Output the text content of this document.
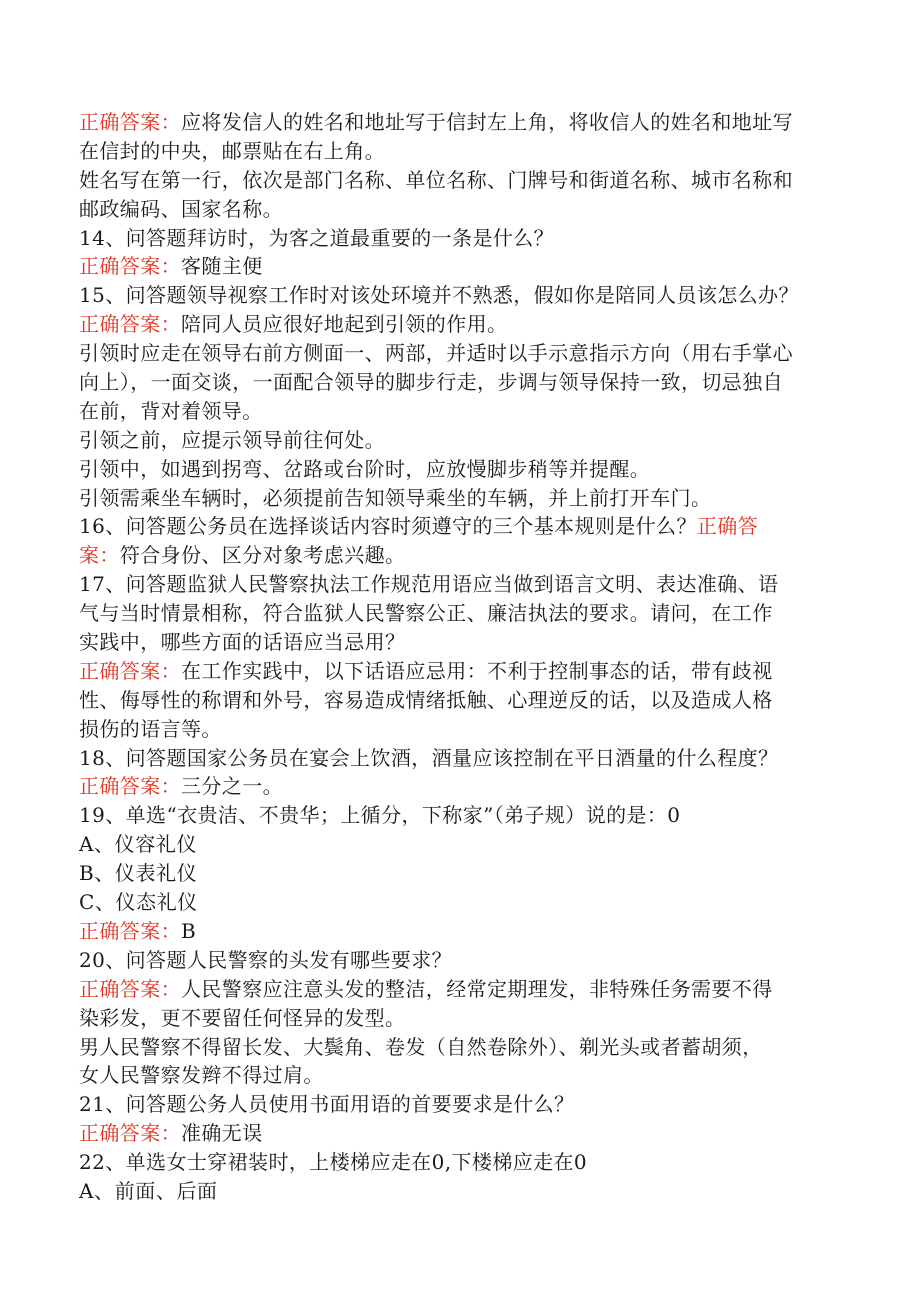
正确答案：应将发信人的姓名和地址写于信封左上角，将收信人的姓名和地址写
在信封的中央，邮票贴在右上角。
姓名写在第一行，依次是部门名称、单位名称、门牌号和街道名称、城市名称和
邮政编码、国家名称。
14、问答题拜访时，为客之道最重要的一条是什么？
正确答案：客随主便
15、问答题领导视察工作时对该处环境并不熟悉，假如你是陪同人员该怎么办？
正确答案：陪同人员应很好地起到引领的作用。
引领时应走在领导右前方侧面一、两部，并适时以手示意指示方向（用右手掌心
向上），一面交谈，一面配合领导的脚步行走，步调与领导保持一致，切忌独自
在前，背对着领导。
引领之前，应提示领导前往何处。
引领中，如遇到拐弯、岔路或台阶时，应放慢脚步稍等并提醒。
引领需乘坐车辆时，必须提前告知领导乘坐的车辆，并上前打开车门。
16、问答题公务员在选择谈话内容时须遵守的三个基本规则是什么？正确答
案：符合身份、区分对象考虑兴趣。
17、问答题监狱人民警察执法工作规范用语应当做到语言文明、表达准确、语
气与当时情景相称，符合监狱人民警察公正、廉洁执法的要求。请问，在工作
实践中，哪些方面的话语应当忌用？
正确答案：在工作实践中，以下话语应忌用：不利于控制事态的话，带有歧视
性、侮辱性的称谓和外号，容易造成情绪抵触、心理逆反的话，以及造成人格
损伤的语言等。
18、问答题国家公务员在宴会上饮酒，酒量应该控制在平日酒量的什么程度？
正确答案：三分之一。
19、单选“衣贵洁、不贵华；上循分，下称家”（弟子规）说的是：0
A、仪容礼仪
B、仪表礼仪
C、仪态礼仪
正确答案：B
20、问答题人民警察的头发有哪些要求？
正确答案：人民警察应注意头发的整洁，经常定期理发，非特殊任务需要不得
染彩发，更不要留任何怪异的发型。
男人民警察不得留长发、大鬓角、卷发（自然卷除外）、剃光头或者蓄胡须，
女人民警察发辫不得过肩。
21、问答题公务人员使用书面用语的首要要求是什么？
正确答案：准确无误
22、单选女士穿裙装时，上楼梯应走在0,下楼梯应走在0
A、前面、后面
